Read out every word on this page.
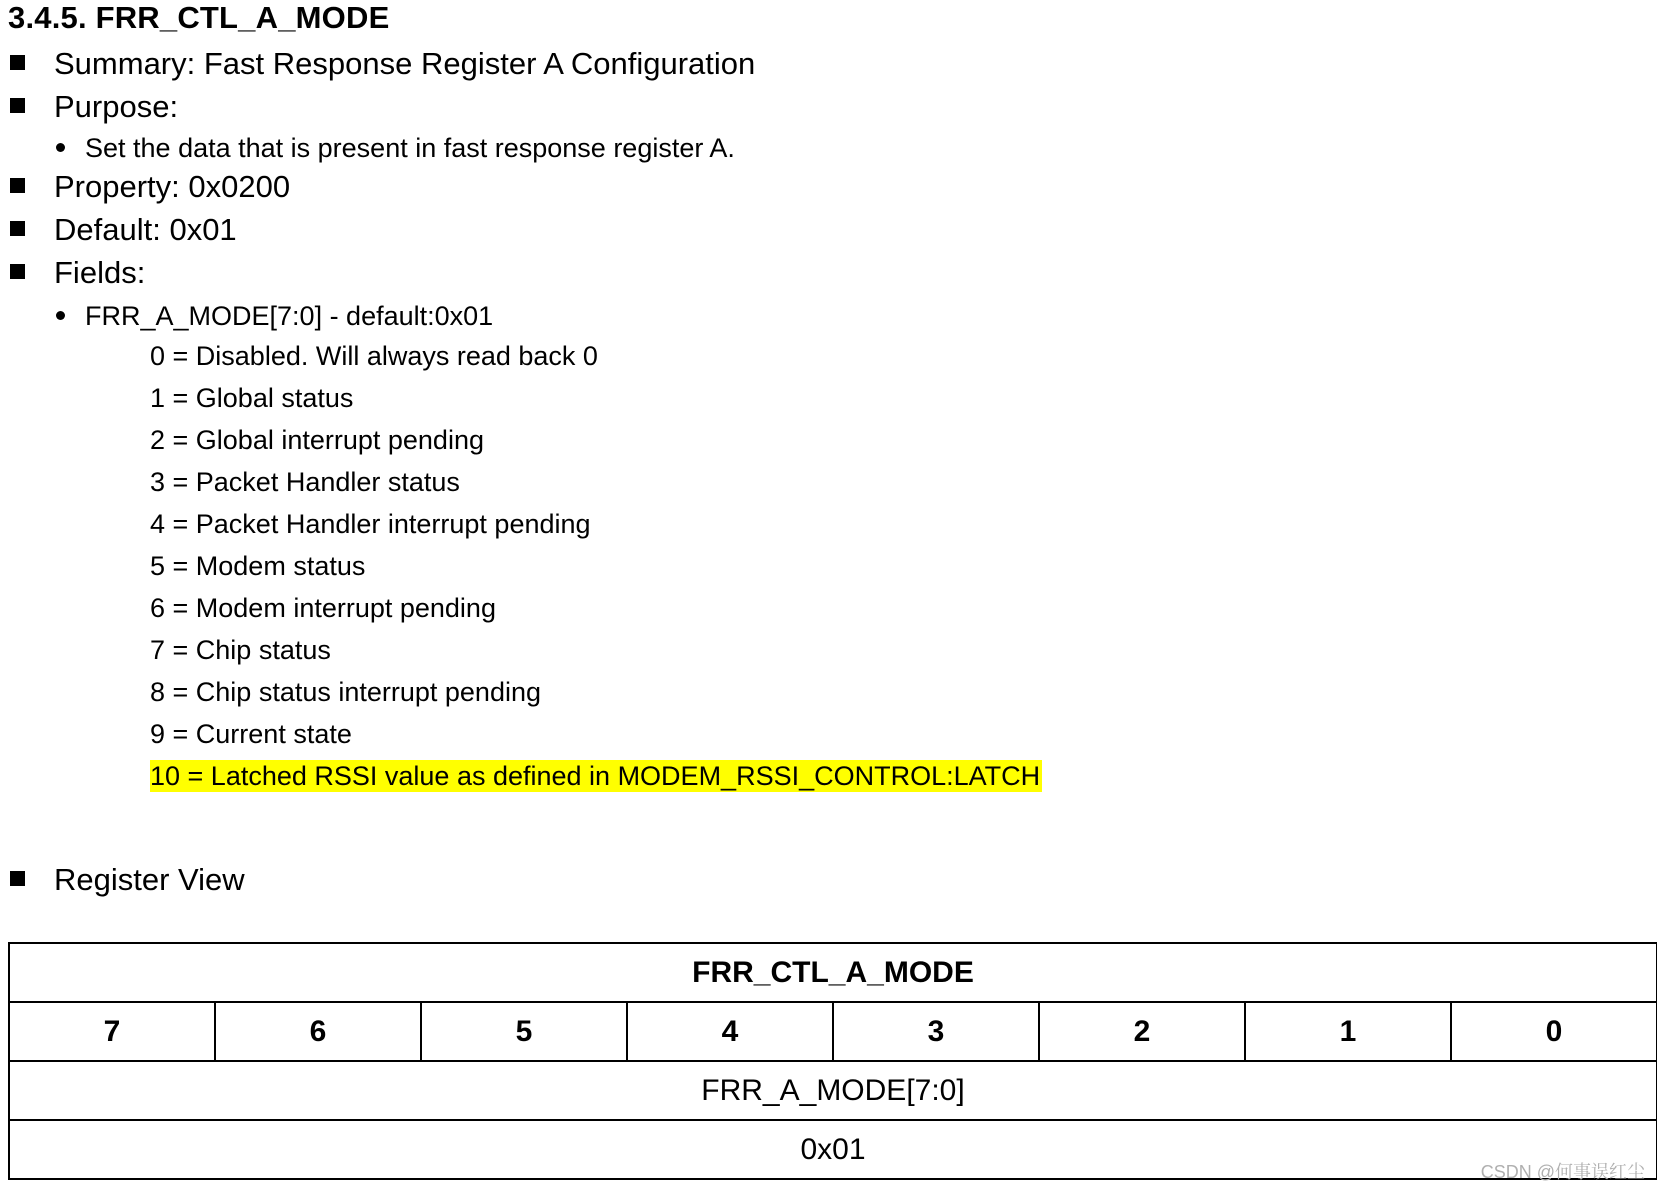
3.4.5. FRR_CTL_A_MODE
Summary: Fast Response Register A Configuration
Purpose:
Set the data that is present in fast response register A.
Property: 0x0200
Default: 0x01
Fields:
FRR_A_MODE[7:0] - default:0x01
0 = Disabled. Will always read back 0
1 = Global status
2 = Global interrupt pending
3 = Packet Handler status
4 = Packet Handler interrupt pending
5 = Modem status
6 = Modem interrupt pending
7 = Chip status
8 = Chip status interrupt pending
9 = Current state
10 = Latched RSSI value as defined in MODEM_RSSI_CONTROL:LATCH
Register View
FRR_CTL_A_MODE
7	6	5	4	3	2	1	0
FRR_A_MODE[7:0]
0x01
CSDN @何事误红尘
